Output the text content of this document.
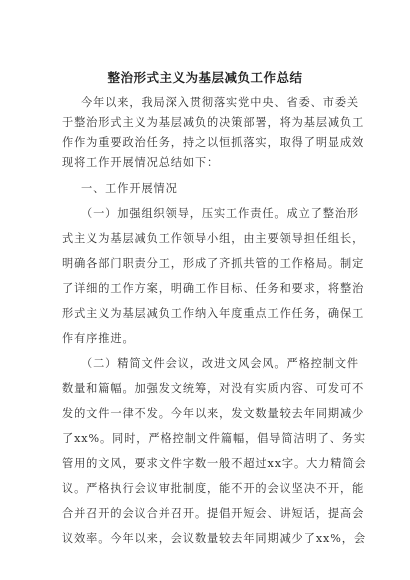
整治形式主义为基层减负工作总结
今年以来，我局深入贯彻落实党中央、省委、市委关
于整治形式主义为基层减负的决策部署，将为基层减负工
作作为重要政治任务，持之以恒抓落实，取得了明显成效
现将工作开展情况总结如下：
一、工作开展情况
（一）加强组织领导，压实工作责任。成立了整治形
式主义为基层减负工作领导小组，由主要领导担任组长，
明确各部门职责分工，形成了齐抓共管的工作格局。制定
了详细的工作方案，明确工作目标、任务和要求，将整治
形式主义为基层减负工作纳入年度重点工作任务，确保工
作有序推进。
（二）精简文件会议，改进文风会风。严格控制文件
数量和篇幅。加强发文统筹，对没有实质内容、可发可不
发的文件一律不发。今年以来，发文数量较去年同期减少
了xx%。同时，严格控制文件篇幅，倡导简洁明了、务实
管用的文风，要求文件字数一般不超过xx字。大力精简会
议。严格执行会议审批制度，能不开的会议坚决不开，能
合并召开的会议合并召开。提倡开短会、讲短话，提高会
议效率。今年以来，会议数量较去年同期减少了xx%，会
